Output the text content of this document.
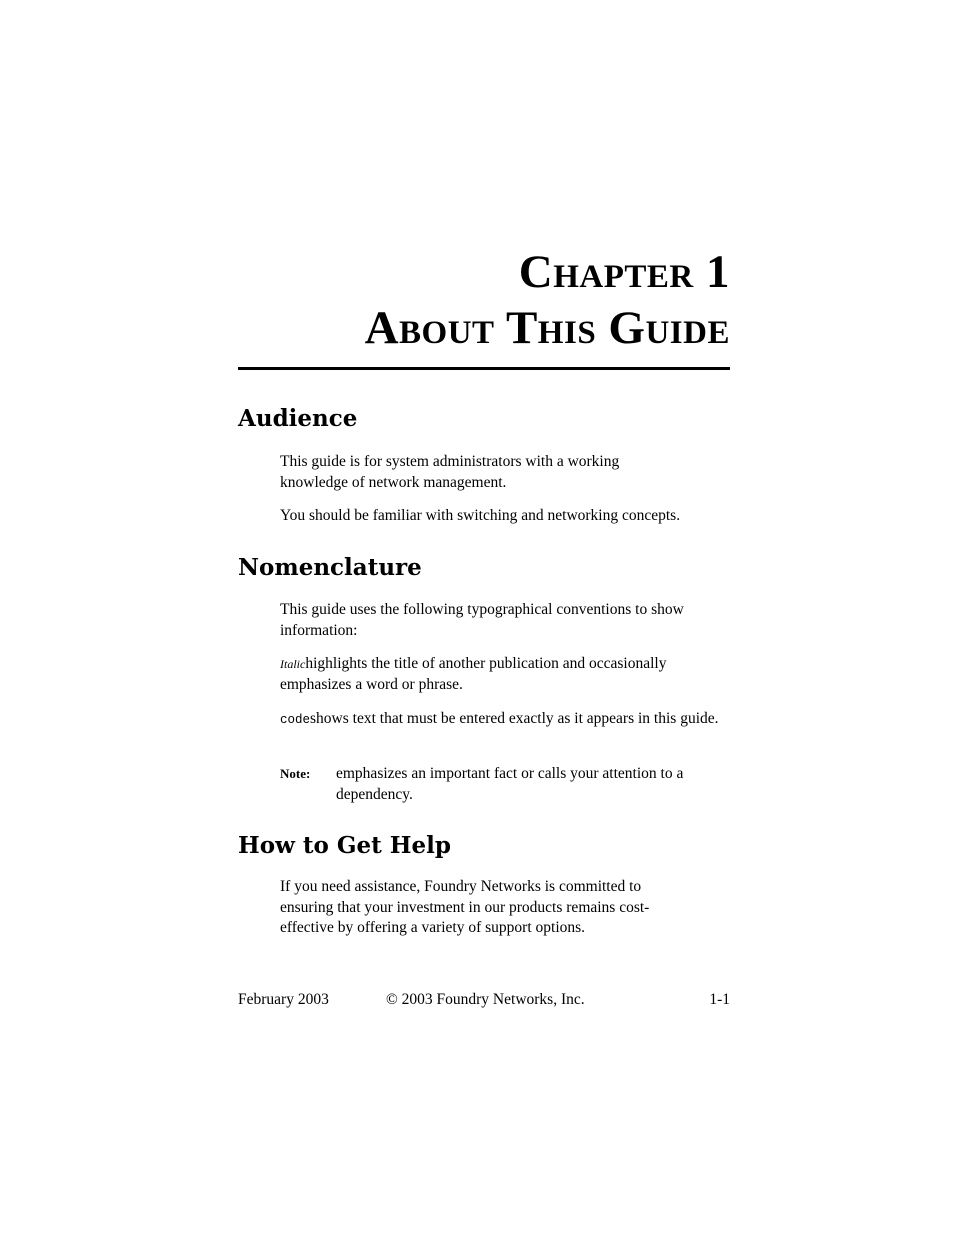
Chapter 1
About This Guide
Audience

This guide is for system administrators with a working knowledge of network management.

You should be familiar with switching and networking concepts.

Nomenclature

This guide uses the following typographical conventions to show information:

Italichighlights the title of another publication and occasionally emphasizes a word or phrase.
codeshows text that must be entered exactly as it appears in this guide.
Note: emphasizes an important fact or calls your attention to a dependency.
How to Get Help

If you need assistance, Foundry Networks is committed to ensuring that your investment in our products remains cost-effective by offering a variety of support options.

February 2003	© 2003 Foundry Networks, Inc.	1-1
